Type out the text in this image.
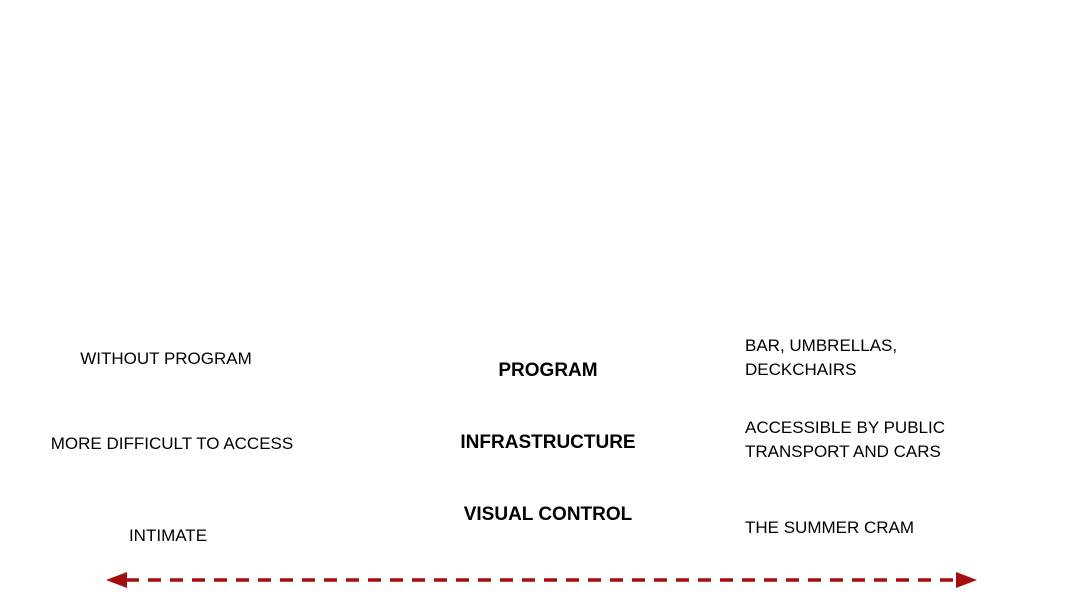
WITHOUT PROGRAM
MORE DIFFICULT TO ACCESS
INTIMATE
PROGRAM
INFRASTRUCTURE
VISUAL CONTROL
BAR, UMBRELLAS,
DECKCHAIRS
ACCESSIBLE BY PUBLIC
TRANSPORT AND CARS
THE SUMMER CRAM
